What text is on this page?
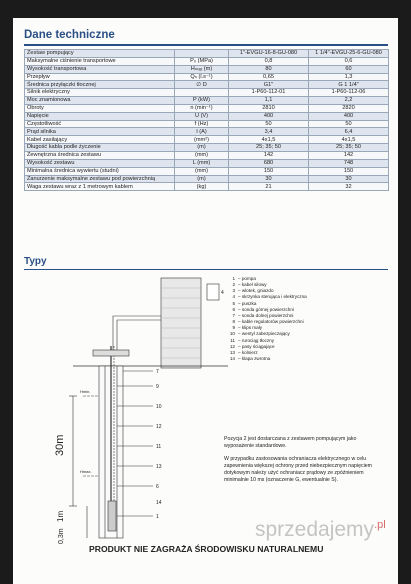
Dane techniczne
Zestaw pompujący		1"-EVGU-16-8-GU-080	1 1/4"-EVGU-25-6-GU-080
Maksymalne ciśnienie transportowe	P₀ (MPa)	0,8	0,6
Wysokość transportowa	Hₘₐₓ (m)	80	60
Przepływ	Qₙ (l.s⁻¹)	0,65	1,3
Średnica przyłączki tłocznej	∅ D	G1"	G 1 1/4"
Silnik elektryczny		1-P60-112-01	1-P60-112-06
Moc znamionowa	P (kW)	1,1	2,2
Obroty	n (min⁻¹)	2810	2820
Napięcie	U (V)	400	400
Częstotliwość	f (Hz)	50	50
Prąd silnika	I (A)	3,4	6,4
Kabel zasilający	(mm²)	4x1,5	4x1,5
Długość kabla podle życzenie	(m)	25; 35; 50	25; 35; 50
Zewnętrzna średnica zestawu	(mm)	142	142
Wysokość zestawu	L (mm)	680	748
Minimalna średnica wywiertu (studni)	(mm)	150	150
Zanurzenie maksymalne zestawu pod powierzchnią	(m)	30	30
Waga zestawu wraz z 1 metrowym kablem	(kg)	21	32
Typy
7
9
10
4
12
11
13
6
14
1
Hmin.
Hmax.
30m
1m
0,3m
1 – pompa
2 – kabel silowy
3 – wlotek, gniazdo
4 – skrzynka sterująca i elektryczna
5 – puszka
6 – sonda górnej powierzchni
7 – sonda dolnej powierzchni
8 – kable regulatorów powierzchni
9 – klips mały
10 – wentyl zabezpieczający
11 – rurociąg tłoczny
12 – pasy ściągające
13 – kolnierz
14 – klapa zwrotna

Pozycja 2 jest dostarczana z zestawem pompującym jako wyposażenie standardowe.

W przypadku zastosowania ochraniacza elektrycznego w celu zapewnienia większej ochrony przed niebezpiecznym napięciem dotykowym należy użyć ochraniacz prądowy ze zpóźnieniem minimalnie 10 ms (oznaczenie G, ewentualnie S).

PRODUKT NIE ZAGRAŻA ŚRODOWISKU NATURALNEMU
sprzedajemy$^{.pl}$
